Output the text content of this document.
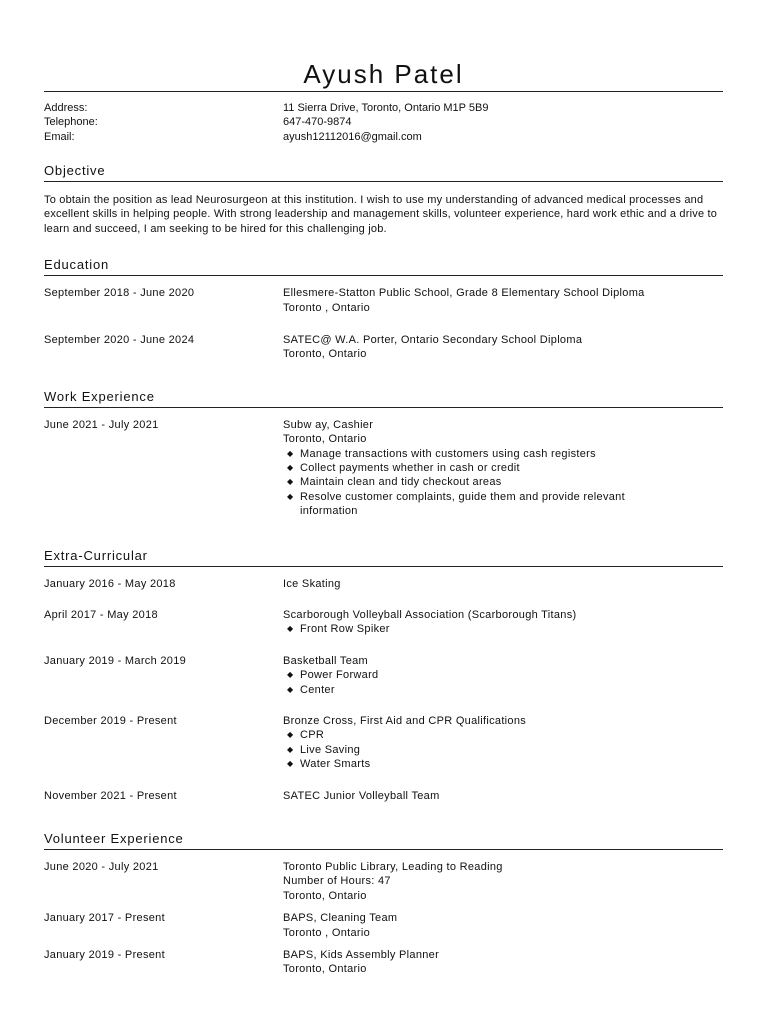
Ayush Patel
Address:	11 Sierra Drive, Toronto, Ontario M1P 5B9
Telephone:	647-470-9874
Email:	ayush12112016@gmail.com
Objective
To obtain the position as lead Neurosurgeon at this institution. I wish to use my understanding of advanced medical processes and excellent skills in helping people. With strong leadership and management skills, volunteer experience, hard work ethic and a drive to learn and succeed, I am seeking to be hired for this challenging job.
Education
September 2018 - June 2020	Ellesmere-Statton Public School, Grade 8 Elementary School Diploma
Toronto , Ontario
September 2020 - June 2024	SATEC@ W.A. Porter, Ontario Secondary School Diploma
Toronto, Ontario
Work Experience
June 2021 - July 2021	Subw ay, Cashier
Toronto, Ontario
◆ Manage transactions with customers using cash registers
◆ Collect payments whether in cash or credit
◆ Maintain clean and tidy checkout areas
◆ Resolve customer complaints, guide them and provide relevant information
Extra-Curricular
January 2016 - May 2018	Ice Skating
April 2017 - May 2018	Scarborough Volleyball Association (Scarborough Titans)
◆ Front Row Spiker
January 2019 - March 2019	Basketball Team
◆ Power Forward
◆ Center
December 2019 - Present	Bronze Cross, First Aid and CPR Qualifications
◆ CPR
◆ Live Saving
◆ Water Smarts
November 2021 - Present	SATEC Junior Volleyball Team
Volunteer Experience
June 2020 - July 2021	Toronto Public Library, Leading to Reading
Number of Hours: 47
Toronto, Ontario
January 2017 - Present	BAPS, Cleaning Team
Toronto , Ontario
January 2019 - Present	BAPS, Kids Assembly Planner
Toronto, Ontario
